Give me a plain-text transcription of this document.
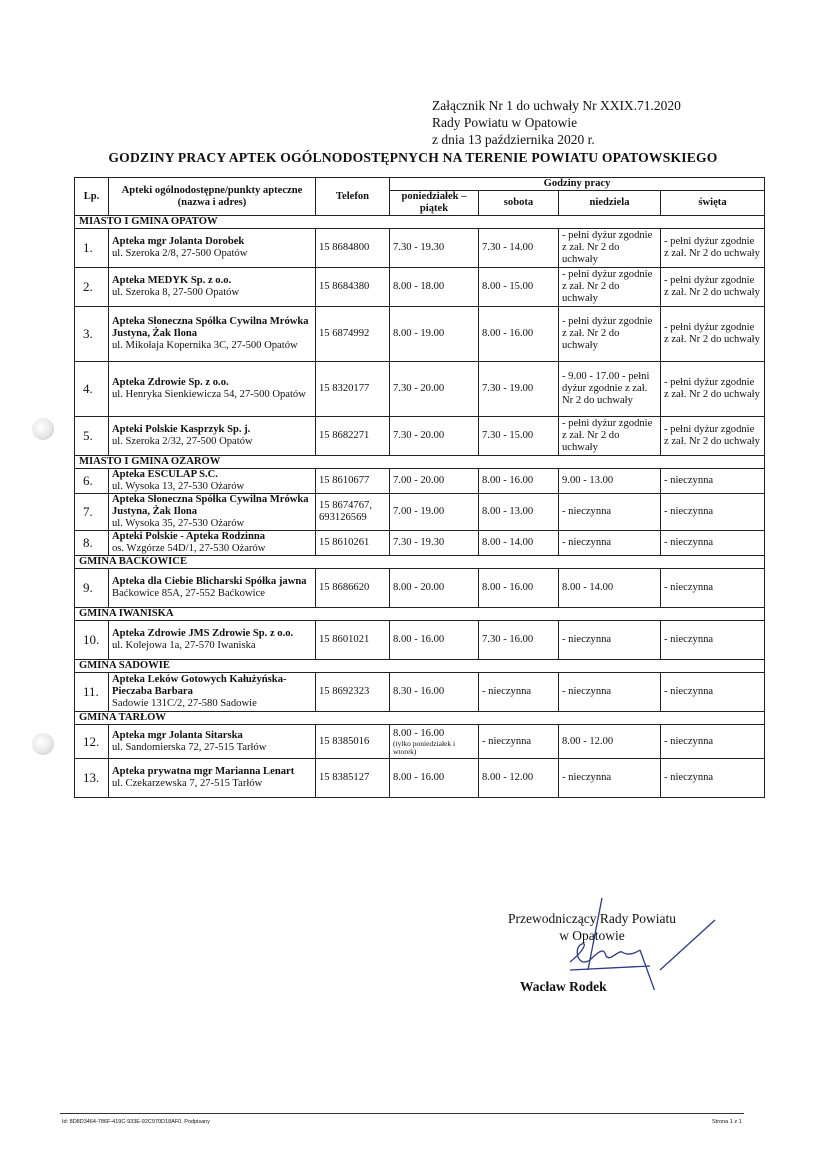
Załącznik Nr 1 do uchwały Nr XXIX.71.2020
Rady Powiatu w Opatowie
z dnia 13 października 2020 r.
GODZINY PRACY APTEK OGÓLNODOSTĘPNYCH NA TERENIE POWIATU OPATOWSKIEGO
Lp.	Apteki ogólnodostępne/punkty apteczne (nazwa i adres)	Telefon	Godziny pracy			
			poniedziałek – piątek	sobota	niedziela	święta
MIASTO I GMINA OPATÓW						
1.	Apteka mgr Jolanta Dorobek
ul. Szeroka 2/8, 27-500 Opatów	15 8684800	7.30 - 19.30	7.30 - 14.00	- pełni dyżur zgodnie z zał. Nr 2 do uchwały	- pełni dyżur zgodnie z zał. Nr 2 do uchwały
2.	Apteka MEDYK Sp. z o.o.
ul. Szeroka 8, 27-500 Opatów	15 8684380	8.00 - 18.00	8.00 - 15.00	- pełni dyżur zgodnie z zał. Nr 2 do uchwały	- pełni dyżur zgodnie z zał. Nr 2 do uchwały
3.	Apteka Słoneczna Spółka Cywilna Mrówka Justyna, Żak Ilona
ul. Mikołaja Kopernika 3C, 27-500 Opatów	15 6874992	8.00 - 19.00	8.00 - 16.00	- pełni dyżur zgodnie z zał. Nr 2 do uchwały	- pełni dyżur zgodnie z zał. Nr 2 do uchwały
4.	Apteka Zdrowie Sp. z o.o.
ul. Henryka Sienkiewicza 54, 27-500 Opatów	15 8320177	7.30 - 20.00	7.30 - 19.00	- 9.00 - 17.00 - pełni dyżur zgodnie z zał. Nr 2 do uchwały	- pełni dyżur zgodnie z zał. Nr 2 do uchwały
5.	Apteki Polskie Kasprzyk Sp. j.
ul. Szeroka 2/32, 27-500 Opatów	15 8682271	7.30 - 20.00	7.30 - 15.00	- pełni dyżur zgodnie z zał. Nr 2 do uchwały	- pełni dyżur zgodnie z zał. Nr 2 do uchwały
MIASTO I GMINA OŻARÓW						
6.	Apteka ESCULAP S.C.
ul. Wysoka 13, 27-530 Ożarów	15 8610677	7.00 - 20.00	8.00 - 16.00	9.00 - 13.00	- nieczynna
7.	Apteka Słoneczna Spółka Cywilna Mrówka Justyna, Żak Ilona
ul. Wysoka 35, 27-530 Ożarów	15 8674767, 693126569	7.00 - 19.00	8.00 - 13.00	- nieczynna	- nieczynna
8.	Apteki Polskie - Apteka Rodzinna
os. Wzgórze 54D/1, 27-530 Ożarów	15 8610261	7.30 - 19.30	8.00 - 14.00	- nieczynna	- nieczynna
GMINA BAĆKOWICE						
9.	Apteka dla Ciebie Blicharski Spółka jawna
Baćkowice 85A, 27-552 Baćkowice	15 8686620	8.00 - 20.00	8.00 - 16.00	8.00 - 14.00	- nieczynna
GMINA IWANISKA						
10.	Apteka Zdrowie JMS Zdrowie Sp. z o.o.
ul. Kolejowa 1a, 27-570 Iwaniska	15 8601021	8.00 - 16.00	7.30 - 16.00	- nieczynna	- nieczynna
GMINA SADOWIE						
11.	Apteka Leków Gotowych Kałużyńska-Pieczaba Barbara
Sadowie 131C/2, 27-580 Sadowie	15 8692323	8.30 - 16.00	- nieczynna	- nieczynna	- nieczynna
GMINA TARŁÓW						
12.	Apteka mgr Jolanta Sitarska
ul. Sandomierska 72, 27-515 Tarłów	15 8385016	8.00 - 16.00
(tylko poniedziałek i wtorek)	- nieczynna	8.00 - 12.00	- nieczynna
13.	Apteka prywatna mgr Marianna Lenart
ul. Czekarzewska 7, 27-515 Tarłów	15 8385127	8.00 - 16.00	8.00 - 12.00	- nieczynna	- nieczynna
Przewodniczący Rady Powiatu
w Opatowie
Wacław Rodek
Id: 8D8D3464-786F-419C-933E-92C970D18AF0. Podpisany	Strona 1 z 1
